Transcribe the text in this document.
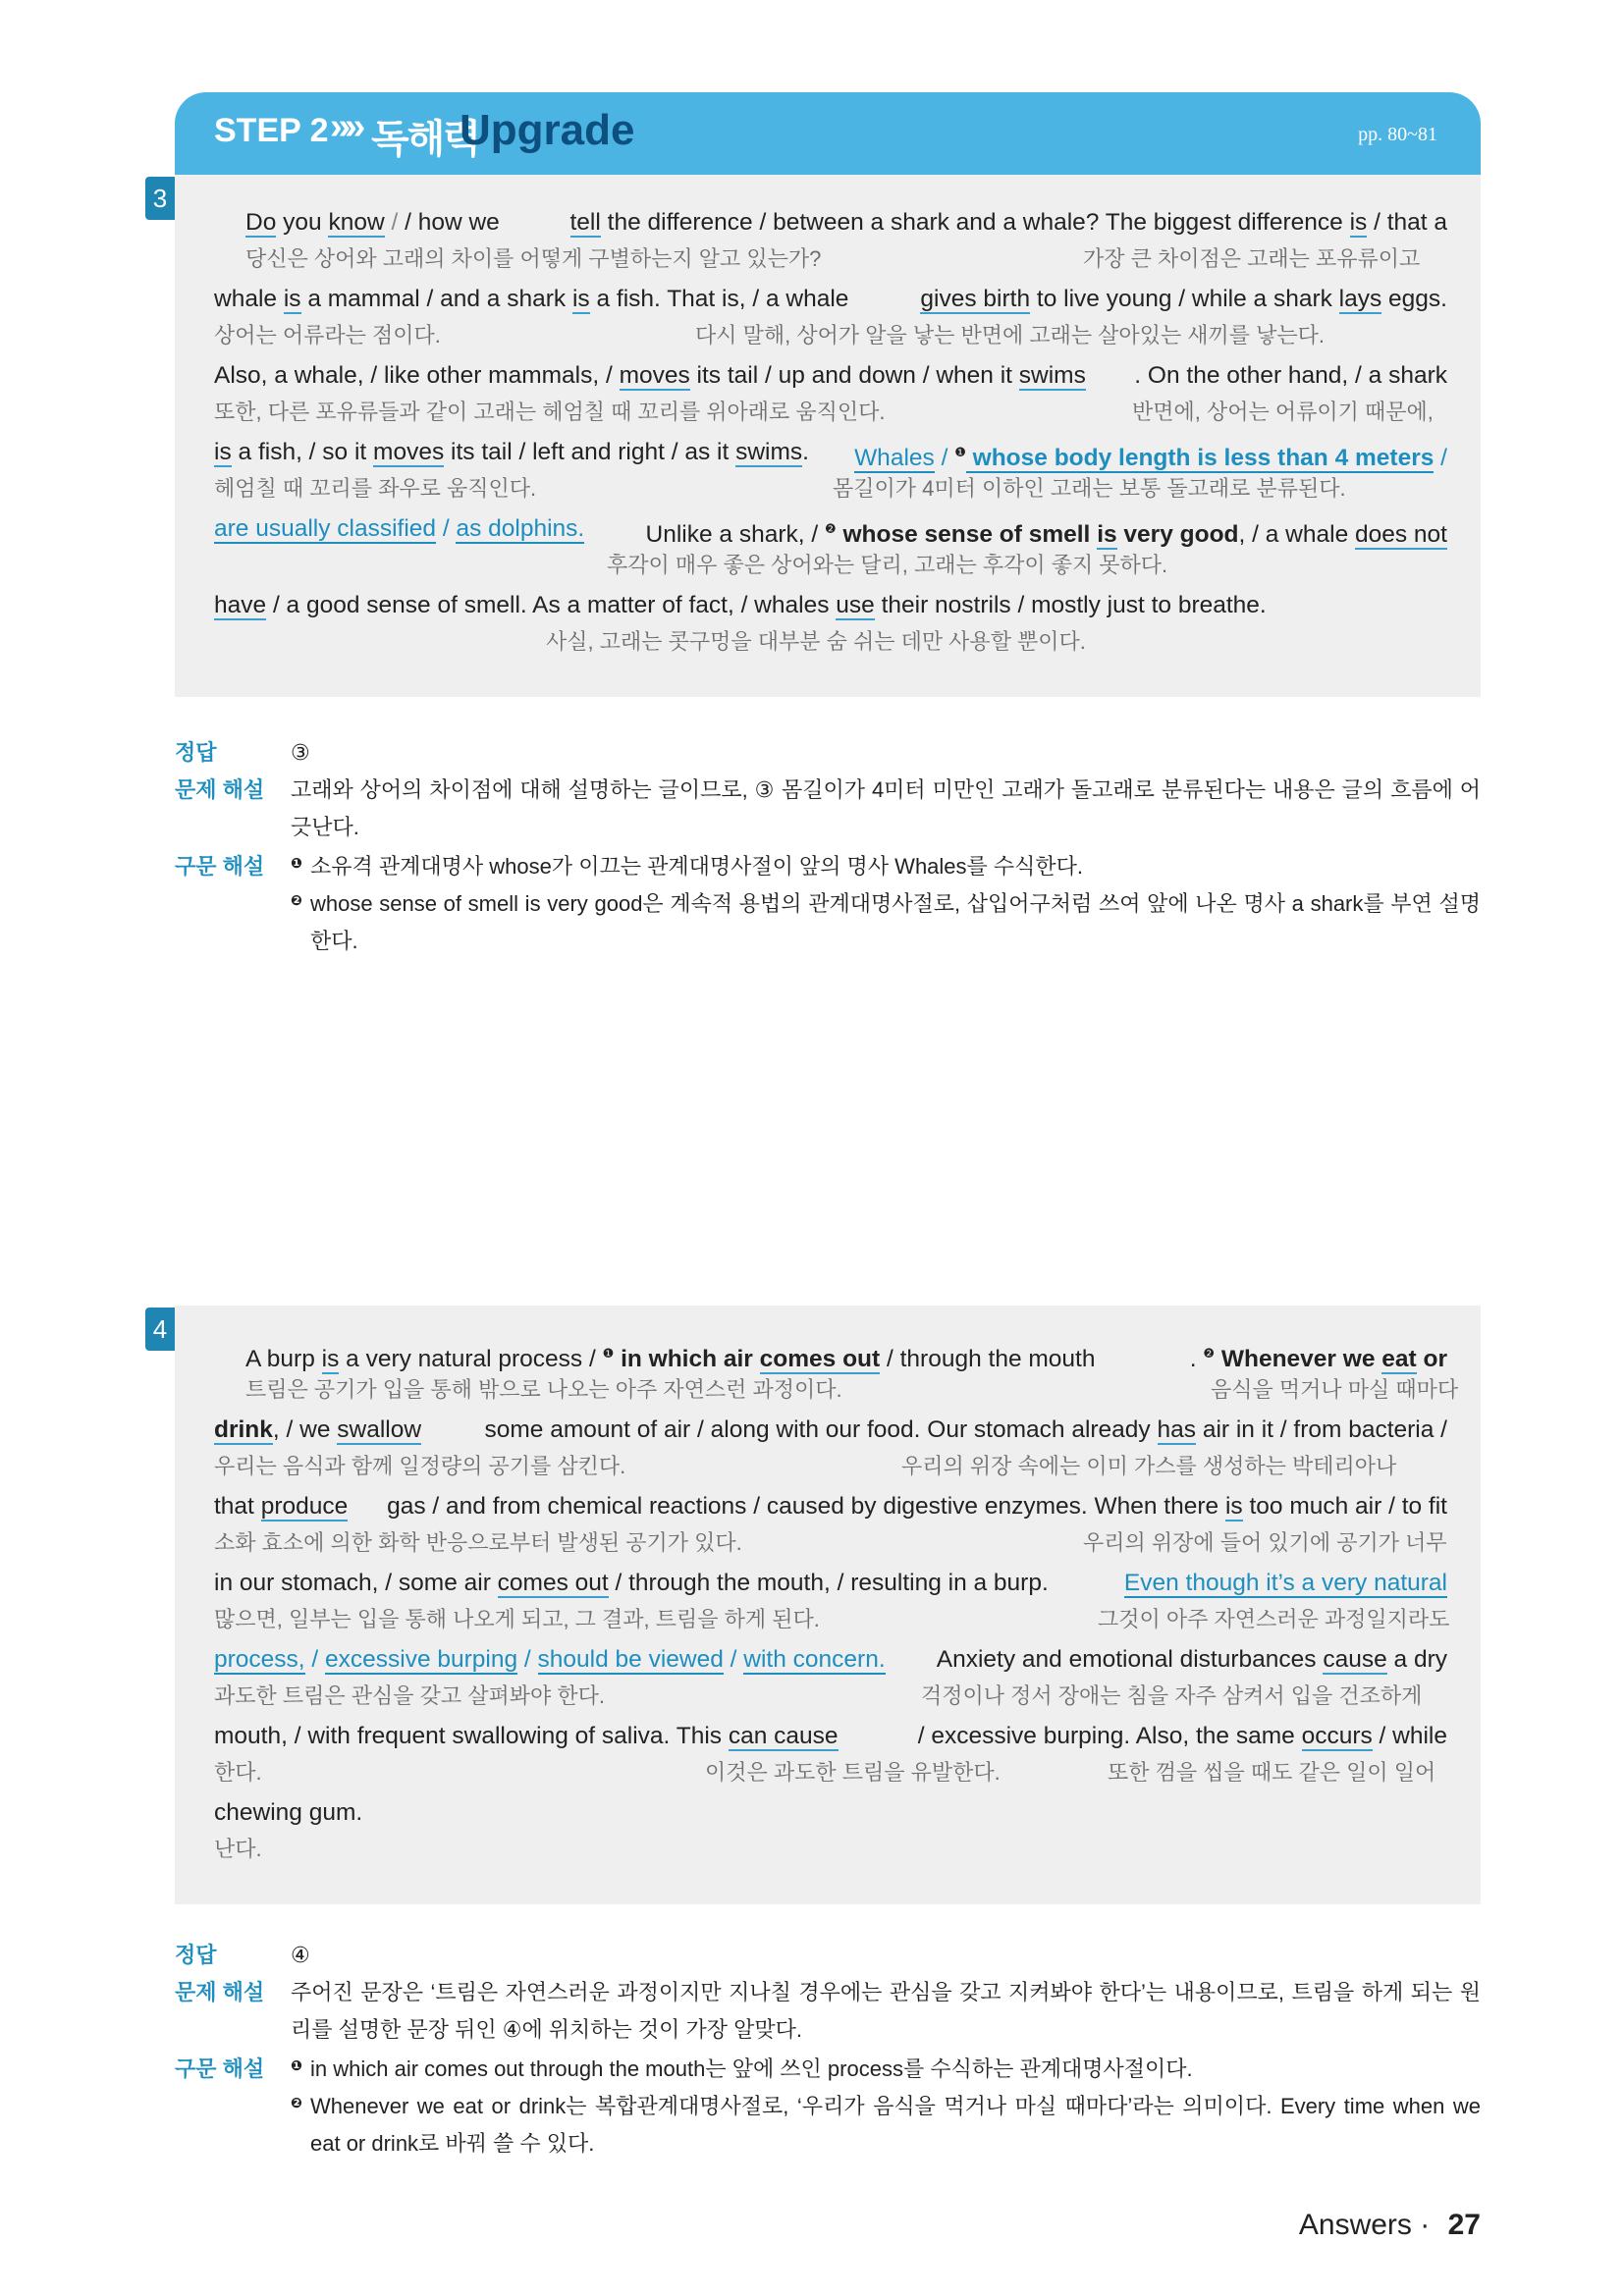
STEP 2 »» 독해력
Upgrade	pp. 80~81
3
Do you know / / how we	tell the difference / between a shark and a whale? The biggest difference is / that a
당신은 상어와 고래의 차이를 어떻게 구별하는지 알고 있는가?	가장 큰 차이점은 고래는 포유류이고
whale is a mammal / and a shark is a fish. That is, / a whale	gives birth to live young / while a shark lays eggs.
상어는 어류라는 점이다.	다시 말해, 상어가 알을 낳는 반면에 고래는 살아있는 새끼를 낳는다.
Also, a whale, / like other mammals, / moves its tail / up and down / when it swims . On the other hand, / a shark
또한, 다른 포유류들과 같이 고래는 헤엄칠 때 꼬리를 위아래로 움직인다.	반면에, 상어는 어류이기 때문에,
is a fish, / so it moves its tail / left and right / as it swims. Whales / $^❶$ whose body length is less than 4 meters /
헤엄칠 때 꼬리를 좌우로 움직인다.	몸길이가 4미터 이하인 고래는 보통 돌고래로 분류된다.
are usually classified / as dolphins. Unlike a shark, / $^❷$ whose sense of smell is very good, / a whale does not
후각이 매우 좋은 상어와는 달리, 고래는 후각이 좋지 못하다.
have / a good sense of smell. As a matter of fact, / whales use their nostrils / mostly just to breathe.
사실, 고래는 콧구멍을 대부분 숨 쉬는 데만 사용할 뿐이다.
정답	③
문제 해설 고래와 상어의 차이점에 대해 설명하는 글이므로, ③ 몸길이가 4미터 미만인 고래가 돌고래로 분류된다는 내용은 글의 흐름에 어긋난다.
구문 해설 ❶ 소유격 관계대명사 whose가 이끄는 관계대명사절이 앞의 명사 Whales를 수식한다.
❷ whose sense of smell is very good은 계속적 용법의 관계대명사절로, 삽입어구처럼 쓰여 앞에 나온 명사 a shark를 부연 설명한다.
4
A burp is a very natural process / $^❶$ in which air comes out / through the mouth	. $^❷$ Whenever we eat or
트림은 공기가 입을 통해 밖으로 나오는 아주 자연스런 과정이다.	음식을 먹거나 마실 때마다
drink, / we swallow some amount of air / along with our food. Our stomach already has air in it / from bacteria /
우리는 음식과 함께 일정량의 공기를 삼킨다.	우리의 위장 속에는 이미 가스를 생성하는 박테리아나
that produce gas / and from chemical reactions / caused by digestive enzymes. When there is too much air / to fit
소화 효소에 의한 화학 반응으로부터 발생된 공기가 있다.	우리의 위장에 들어 있기에 공기가 너무
in our stomach, / some air comes out / through the mouth, / resulting in a burp.	Even though it’s a very natural
많으면, 일부는 입을 통해 나오게 되고, 그 결과, 트림을 하게 된다.	그것이 아주 자연스러운 과정일지라도
process, / excessive burping / should be viewed / with concern. Anxiety and emotional disturbances cause a dry
과도한 트림은 관심을 갖고 살펴봐야 한다.	걱정이나 정서 장애는 침을 자주 삼켜서 입을 건조하게
mouth, / with frequent swallowing of saliva. This can cause	/ excessive burping. Also, the same occurs / while
한다.	이것은 과도한 트림을 유발한다.	또한 껌을 씹을 때도 같은 일이 일어
chewing gum.
난다.
정답	④
문제 해설 주어진 문장은 ‘트림은 자연스러운 과정이지만 지나칠 경우에는 관심을 갖고 지켜봐야 한다’는 내용이므로, 트림을 하게 되는 원리를 설명한 문장 뒤인 ④에 위치하는 것이 가장 알맞다.
구문 해설 ❶ in which air comes out through the mouth는 앞에 쓰인 process를 수식하는 관계대명사절이다.
❷ Whenever we eat or drink는 복합관계대명사절로, ‘우리가 음식을 먹거나 마실 때마다’라는 의미이다. Every time when we eat or drink로 바꿔 쓸 수 있다.
Answers · 27
